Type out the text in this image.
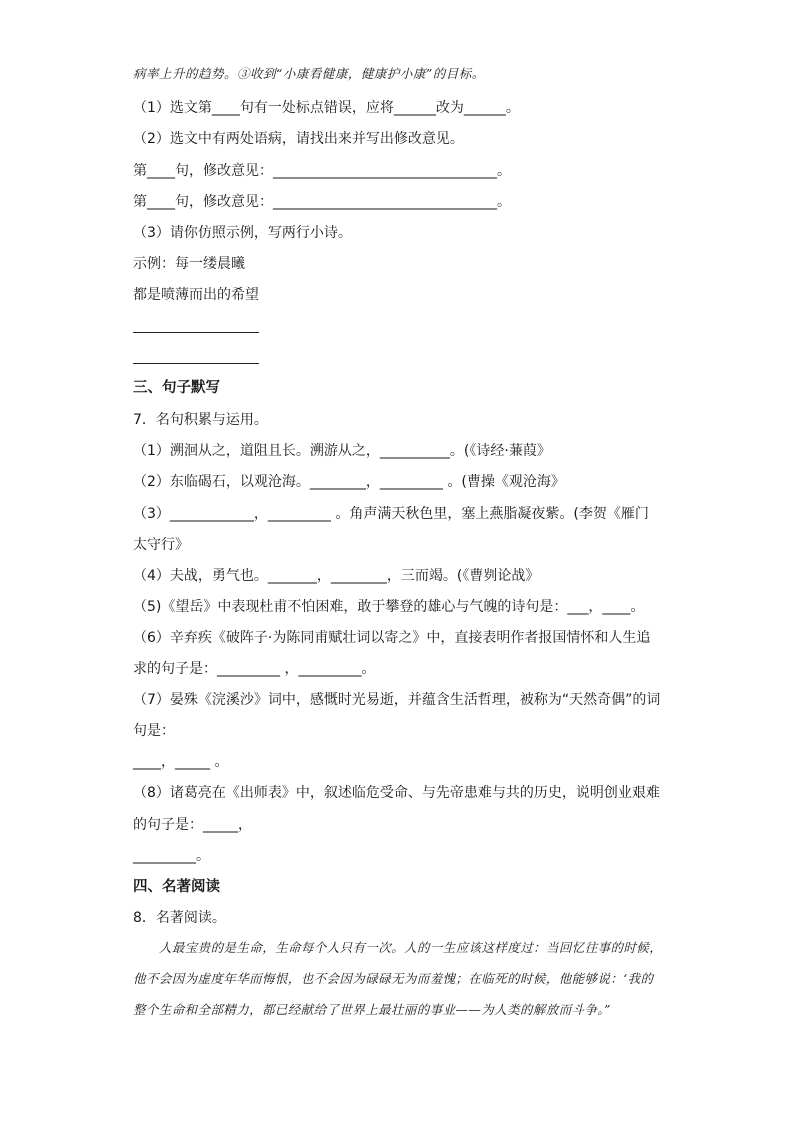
病率上升的趋势。③收到“小康看健康，健康护小康”的目标。
（1）选文第____句有一处标点错误，应将______改为______。
（2）选文中有两处语病，请找出来并写出修改意见。
第____句，修改意见：________________________________。
第____句，修改意见：________________________________。
（3）请你仿照示例，写两行小诗。
示例：每一缕晨曦
都是喷薄而出的希望
三、句子默写
7．名句积累与运用。
（1）溯洄从之，道阻且长。溯游从之，__________。(《诗经·蒹葭》
（2）东临碣石，以观沧海。________，_________ 。(曹操《观沧海》
（3）____________，_________ 。角声满天秋色里，塞上燕脂凝夜紫。(李贺《雁门
太守行》
（4）夫战，勇气也。_______，________，三而竭。(《曹刿论战》
（5)《望岳》中表现杜甫不怕困难，敢于攀登的雄心与气魄的诗句是：___，____。
（6）辛弃疾《破阵子·为陈同甫赋壮词以寄之》中，直接表明作者报国情怀和人生追
求的句子是：_________ ，_________。
（7）晏殊《浣溪沙》词中，感慨时光易逝，并蕴含生活哲理，被称为“天然奇偶”的词
句是：
____，_____ 。
（8）诸葛亮在《出师表》中，叙述临危受命、与先帝患难与共的历史，说明创业艰难
的句子是：_____，
_________。
四、名著阅读
8．名著阅读。
人最宝贵的是生命，生命每个人只有一次。人的一生应该这样度过：当回忆往事的时候，他不会因为虚度年华而悔恨，也不会因为碌碌无为而羞愧；在临死的时候，他能够说：‘我的整个生命和全部精力，都已经献给了世界上最壮丽的事业——为人类的解放而斗争。”
